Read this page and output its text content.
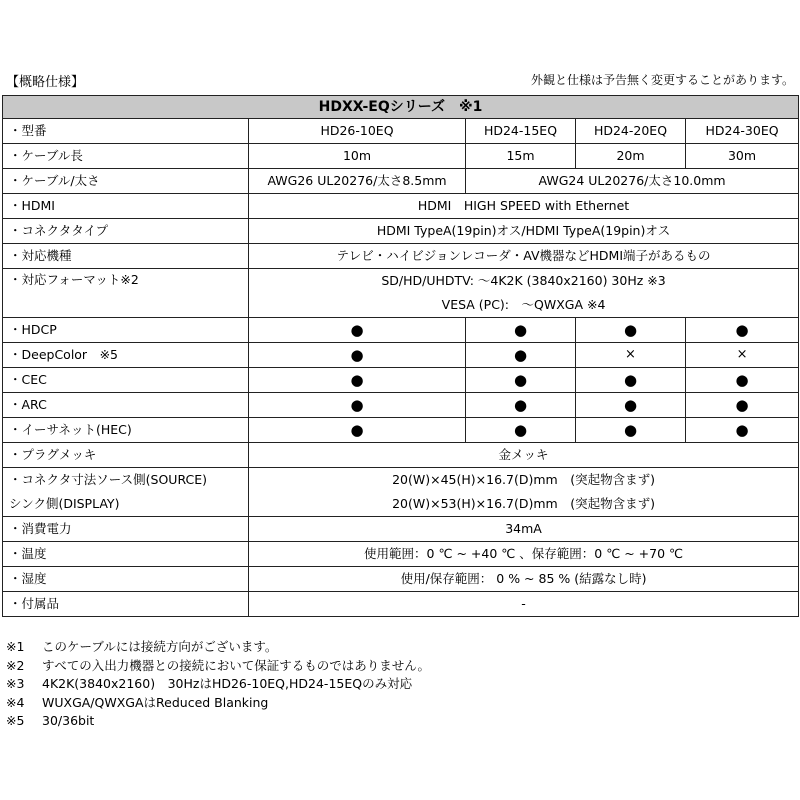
【概略仕様】	外観と仕様は予告無く変更することがあります。
HDXX-EQシリーズ　※1				
・型番	HD26-10EQ	HD24-15EQ	HD24-20EQ	HD24-30EQ
・ケーブル長	10m	15m	20m	30m
・ケーブル/太さ	AWG26 UL20276/太さ8.5mm	AWG24 UL20276/太さ10.0mm		
・HDMI	HDMI　HIGH SPEED with Ethernet			
・コネクタタイプ	HDMI TypeA(19pin)オス/HDMI TypeA(19pin)オス			
・対応機種	テレビ・ハイビジョンレコーダ・AV機器などHDMI端子があるもの			
・対応フォーマット※2	SD/HD/UHDTV: ～4K2K (3840x2160) 30Hz ※3			
	VESA (PC):　～QWXGA ※4			
・HDCP	●	●	●	●
・DeepColor　※5	●	●	×	×
・CEC	●	●	●	●
・ARC	●	●	●	●
・イーサネット(HEC)	●	●	●	●
・プラグメッキ	金メッキ			
・コネクタ寸法ソース側(SOURCE)	20(W)×45(H)×16.7(D)mm　(突起物含まず)			
シンク側(DISPLAY)	20(W)×53(H)×16.7(D)mm　(突起物含まず)			
・消費電力	34mA			
・温度	使用範囲：0 ℃ ~ +40 ℃ 、保存範囲：0 ℃ ~ +70 ℃			
・湿度	使用/保存範囲： 0 % ~ 85 % (結露なし時)			
・付属品	-			
※1 このケーブルには接続方向がございます。
※2 すべての入出力機器との接続において保証するものではありません。
※3 4K2K(3840x2160)　30HzはHD26-10EQ,HD24-15EQのみ対応
※4 WUXGA/QWXGAはReduced Blanking
※5 30/36bit
